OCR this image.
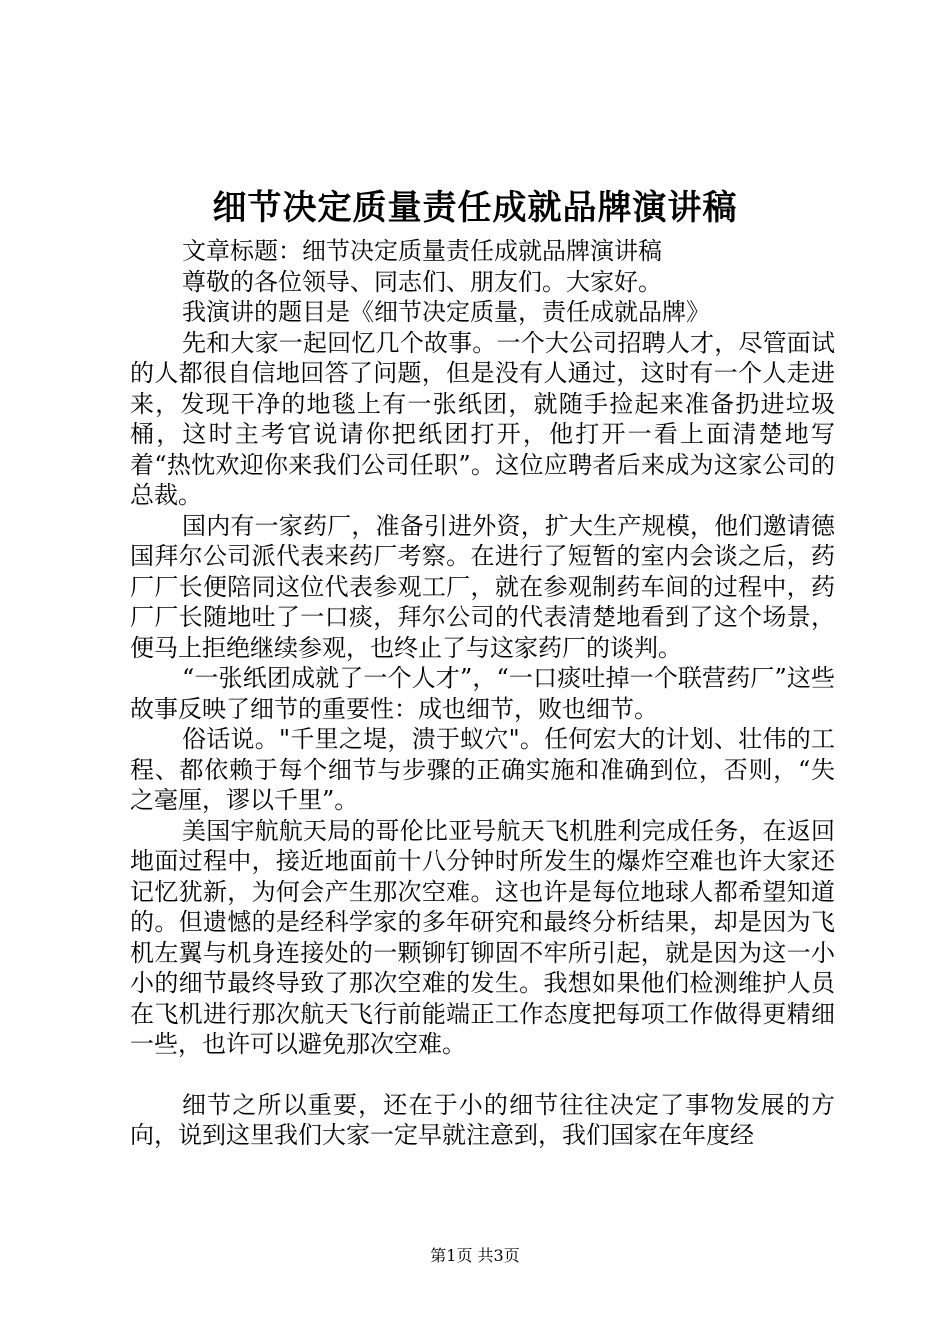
细节决定质量责任成就品牌演讲稿

文章标题：细节决定质量责任成就品牌演讲稿

尊敬的各位领导、同志们、朋友们。大家好。

我演讲的题目是《细节决定质量，责任成就品牌》

先和大家一起回忆几个故事。一个大公司招聘人才，尽管面试的人都很自信地回答了问题，但是没有人通过，这时有一个人走进来，发现干净的地毯上有一张纸团，就随手捡起来准备扔进垃圾桶，这时主考官说请你把纸团打开，他打开一看上面清楚地写着“热忱欢迎你来我们公司任职”。这位应聘者后来成为这家公司的总裁。

国内有一家药厂，准备引进外资，扩大生产规模，他们邀请德国拜尔公司派代表来药厂考察。在进行了短暂的室内会谈之后，药厂厂长便陪同这位代表参观工厂，就在参观制药车间的过程中，药厂厂长随地吐了一口痰，拜尔公司的代表清楚地看到了这个场景，便马上拒绝继续参观，也终止了与这家药厂的谈判。

“一张纸团成就了一个人才”，“一口痰吐掉一个联营药厂”这些故事反映了细节的重要性：成也细节，败也细节。

俗话说。"千里之堤，溃于蚁穴"。任何宏大的计划、壮伟的工程、都依赖于每个细节与步骤的正确实施和准确到位，否则，“失之毫厘，谬以千里”。

美国宇航航天局的哥伦比亚号航天飞机胜利完成任务，在返回地面过程中，接近地面前十八分钟时所发生的爆炸空难也许大家还记忆犹新，为何会产生那次空难。这也许是每位地球人都希望知道的。但遗憾的是经科学家的多年研究和最终分析结果，却是因为飞机左翼与机身连接处的一颗铆钉铆固不牢所引起，就是因为这一小小的细节最终导致了那次空难的发生。我想如果他们检测维护人员在飞机进行那次航天飞行前能端正工作态度把每项工作做得更精细一些，也许可以避免那次空难。

细节之所以重要，还在于小的细节往往决定了事物发展的方向，说到这里我们大家一定早就注意到，我们国家在年度经

第1页 共3页
